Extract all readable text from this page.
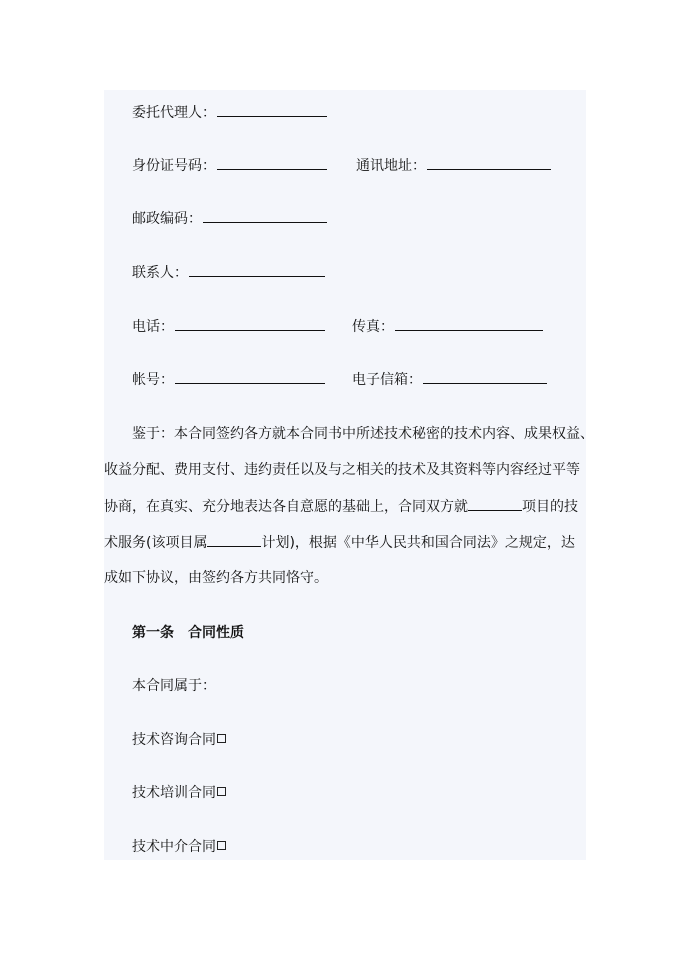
委托代理人：
身份证号码：	通讯地址：
邮政编码：
联系人：
电话：	传真：
帐号：	电子信箱：
鉴于：本合同签约各方就本合同书中所述技术秘密的技术内容、成果权益、
收益分配、费用支付、违约责任以及与之相关的技术及其资料等内容经过平等
协商，在真实、充分地表达各自意愿的基础上，合同双方就	项目的技
术服务(该项目属	计划)，根据《中华人民共和国合同法》之规定，达
成如下协议，由签约各方共同恪守。
第一条　合同性质
本合同属于：
技术咨询合同
技术培训合同
技术中介合同
